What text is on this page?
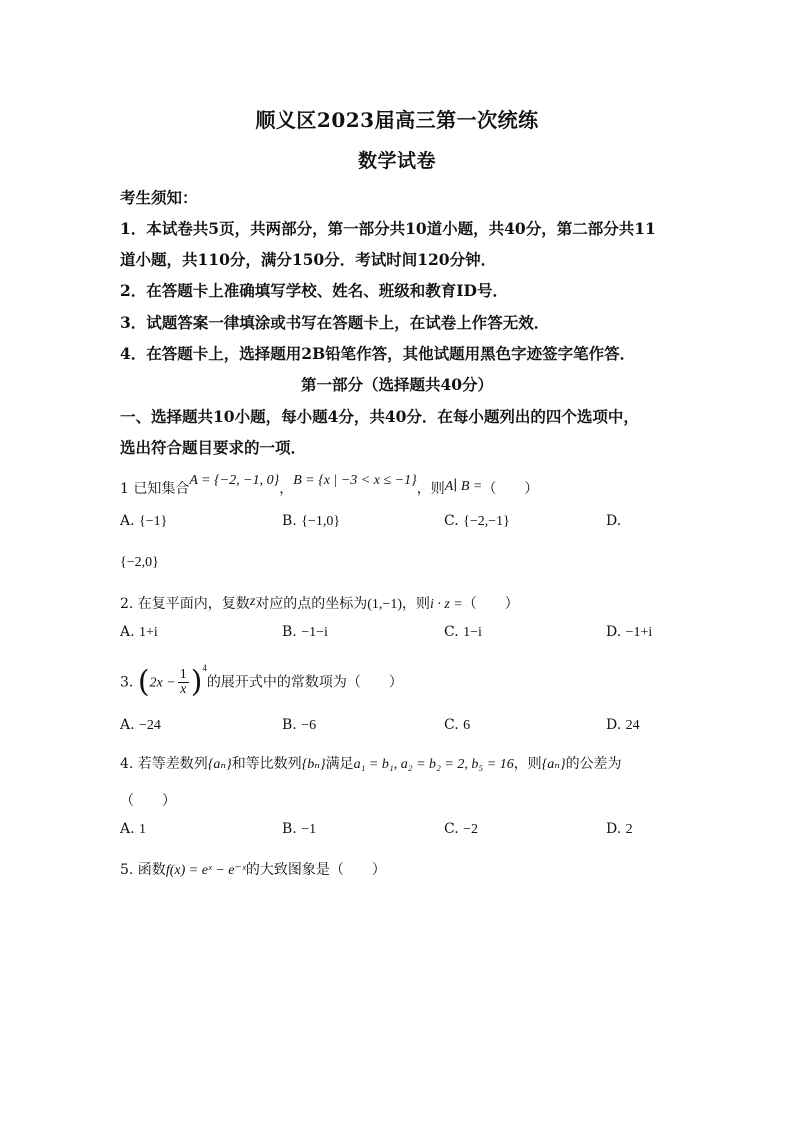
顺义区2023届高三第一次统练
数学试卷
考生须知：
1．本试卷共5页，共两部分，第一部分共10道小题，共40分，第二部分共11
道小题，共110分，满分150分．考试时间120分钟．
2．在答题卡上准确填写学校、姓名、班级和教育ID号．
3．试题答案一律填涂或书写在答题卡上，在试卷上作答无效．
4．在答题卡上，选择题用2B铅笔作答，其他试题用黑色字迹签字笔作答．
第一部分（选择题共40分）
一、选择题共10小题，每小题4分，共40分．在每小题列出的四个选项中，
选出符合题目要求的一项．
1 已知集合A = {−2, −1, 0}，B = {x | −3 < x ≤ −1}，则A∣ B =（　　）
A. {−1}	B. {−1,0}	C. {−2,−1}	D.
{−2,0}
2. 在复平面内，复数z对应的点的坐标为(1,−1)，则i · z =（　　）
A. 1+i	B. −1−i	C. 1−i	D. −1+i
3. $(2x - \frac{1}{x} )^4$的展开式中的常数项为（　　）
A. −24	B. −6	C. 6	D. 24
4. 若等差数列{aₙ}和等比数列{bₙ}满足a₁ = b₁, a₂ = b₂ = 2, b₅ = 16，则{aₙ}的公差为
（　　）
A. 1	B. −1	C. −2	D. 2
5. 函数f(x) = eˣ − e⁻ˣ的大致图象是（　　）
